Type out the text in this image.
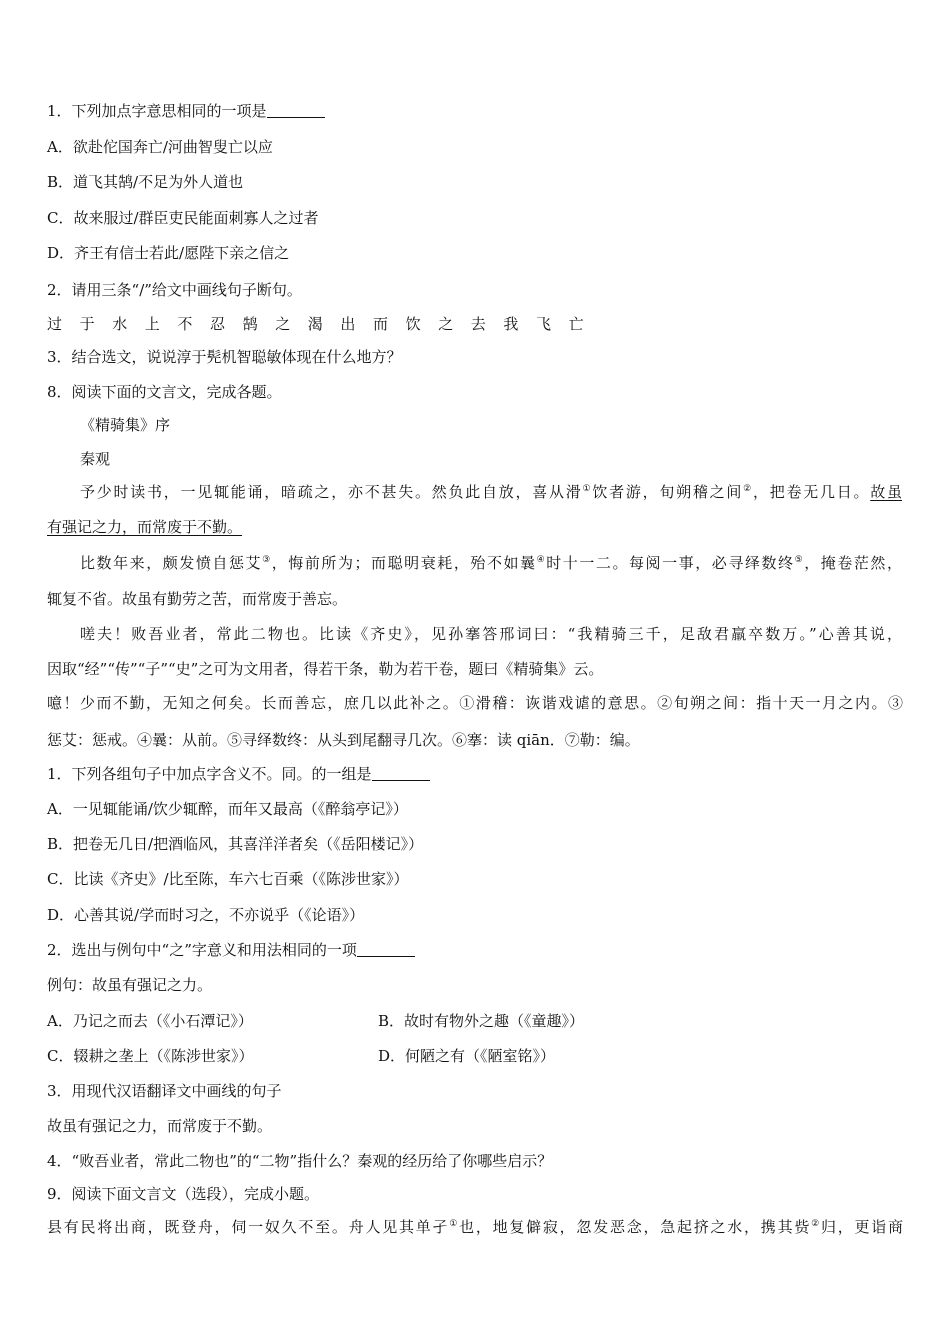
1．下列加点字意思相同的一项是
A．欲赴佗国奔亡/河曲智叟亡以应
B．道飞其鹄/不足为外人道也
C．故来服过/群臣吏民能面刺寡人之过者
D．齐王有信士若此/愿陛下亲之信之
2．请用三条“/”给文中画线句子断句。
过于水上不忍鹄之渴出而饮之去我飞亡
3．结合选文，说说淳于髡机智聪敏体现在什么地方？
8．阅读下面的文言文，完成各题。
《精骑集》序
秦观
予少时读书，一见辄能诵，暗疏之，亦不甚失。然负此自放，喜从滑①饮者游，旬朔稽之间②，把卷无几日。故虽
有强记之力，而常废于不勤。
比数年来，颇发愤自惩艾③，悔前所为；而聪明衰耗，殆不如曩④时十一二。每阅一事，必寻绎数终⑤，掩卷茫然，
辄复不省。故虽有勤劳之苦，而常废于善忘。
嗟夫！败吾业者，常此二物也。比读《齐史》，见孙搴答邢词曰：“我精骑三千，足敌君羸卒数万。”心善其说，
因取“经”“传”“子”“史”之可为文用者，得若干条，勒为若干卷，题曰《精骑集》云。
噫！少而不勤，无知之何矣。长而善忘，庶几以此补之。①滑稽：诙谐戏谑的意思。②旬朔之间：指十天一月之内。③
惩艾：惩戒。④曩：从前。⑤寻绎数终：从头到尾翻寻几次。⑥搴：读 qiān．⑦勒：编。
1．下列各组句子中加点字含义不。同。的一组是
A．一见辄能诵/饮少辄醉，而年又最高（《醉翁亭记》）
B．把卷无几日/把酒临风，其喜洋洋者矣（《岳阳楼记》）
C．比读《齐史》/比至陈，车六七百乘（《陈涉世家》）
D．心善其说/学而时习之，不亦说乎（《论语》）
2．选出与例句中“之”字意义和用法相同的一项
例句：故虽有强记之力。
A．乃记之而去（《小石潭记》）	B．故时有物外之趣（《童趣》）
C．辍耕之垄上（《陈涉世家》）	D．何陋之有（《陋室铭》）
3．用现代汉语翻译文中画线的句子
故虽有强记之力，而常废于不勤。
4．“败吾业者，常此二物也”的“二物”指什么？秦观的经历给了你哪些启示？
9．阅读下面文言文（选段），完成小题。
县有民将出商，既登舟，伺一奴久不至。舟人见其单孑①也，地复僻寂，忽发恶念，急起挤之水，携其赀②归，更诣商
